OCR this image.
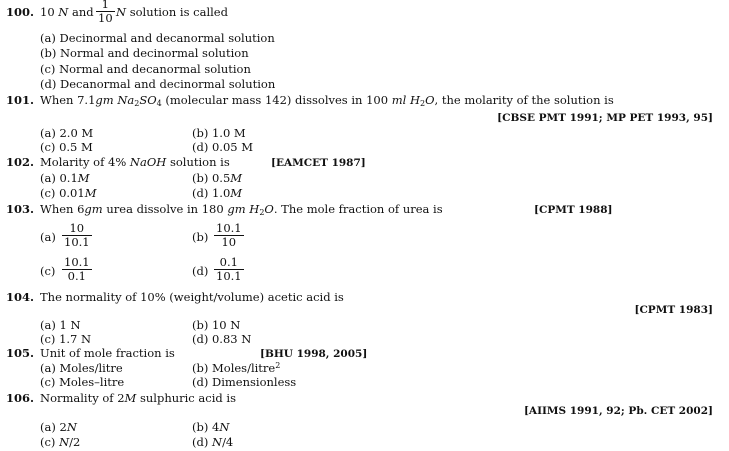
100. 10 N and $\frac{1}{10}$ N solution is called
(a) Decinormal and decanormal solution
(b) Normal and decinormal solution
(c) Normal and decanormal solution
(d) Decanormal and decinormal solution
101. When 7.1gm $Na_2SO_4$ (molecular mass 142) dissolves in 100 ml $H_2O$, the molarity of the solution is
[CBSE PMT 1991; MP PET 1993, 95]
(a) 2.0 M	(b) 1.0 M
(c) 0.5 M	(d) 0.05 M
102. Molarity of 4% NaOH solution is	[EAMCET 1987]
(a) 0.1M	(b) 0.5M
(c) 0.01M	(d) 1.0M
103. When 6gm urea dissolve in 180 gm $H_2O$. The mole fraction of urea is	[CPMT 1988]
$(a) \frac{10}{10.1}$	$(b) \frac{10.1}{10}$
$(c) \frac{10.1}{0.1}$	$(d) \frac{0.1}{10.1}$
104. The normality of 10% (weight/volume) acetic acid is
[CPMT 1983]
(a) 1 N	(b) 10 N
(c) 1.7 N	(d) 0.83 N
105. Unit of mole fraction is	[BHU 1998, 2005]
(a) Moles/litre	(b) Moles/litre$^2$
(c) Moles–litre	(d) Dimensionless
106. Normality of 2M sulphuric acid is
[AIIMS 1991, 92; Pb. CET 2002]
(a) 2N	(b) 4N
(c) N/2	(d) N/4
